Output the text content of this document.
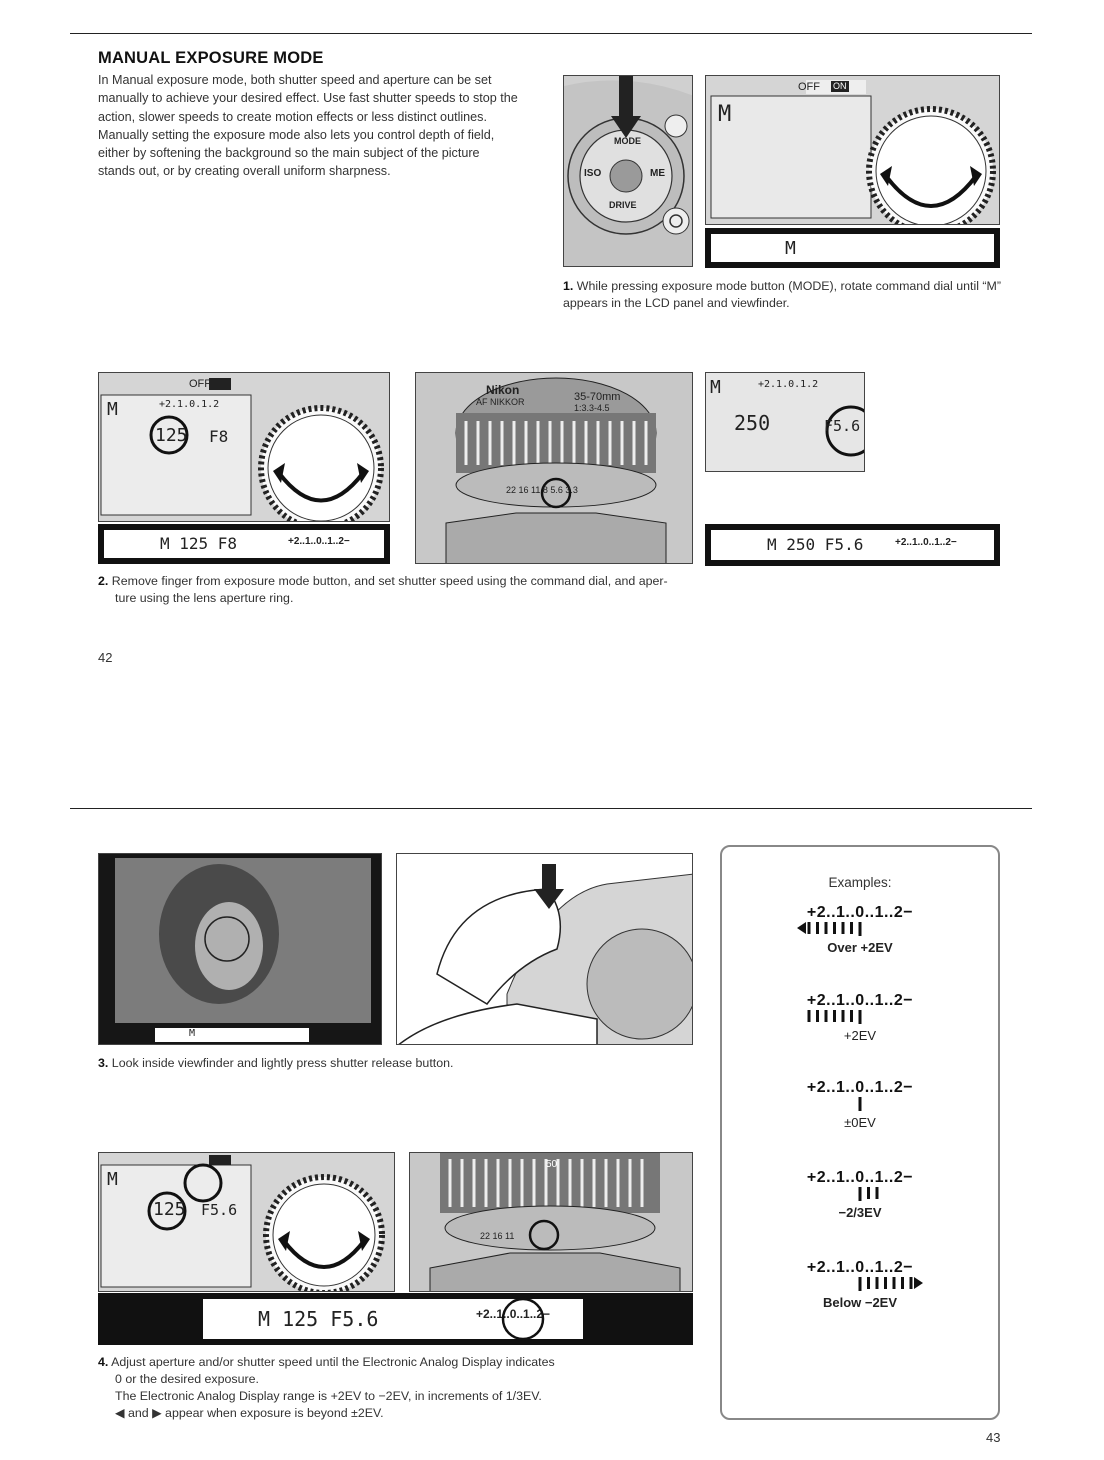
MANUAL EXPOSURE MODE
In Manual exposure mode, both shutter speed and aperture can be set manually to achieve your desired effect. Use fast shutter speeds to stop the action, slower speeds to create motion effects or less distinct outlines. Manually setting the exposure mode also lets you control depth of field, either by softening the background so the main subject of the picture stands out, or by creating overall uniform sharpness.
MODE
ISO	ME
DRIVE
OFF ON
M
M
1. While pressing exposure mode button (MODE), rotate command dial until “M” appears in the LCD panel and viewfinder.
OFF
M	+2.1.0.1.2
125 F8
M 125 F8	+2..1..0..1..2−
Nikon
AF NIKKOR	35-70mm
1:3.3-4.5
22 16 11 8 5.6 3.3
M	+2.1.0.1.2
250	F5.6
M 250 F5.6	+2..1..0..1..2−
2. Remove finger from exposure mode button, and set shutter speed using the command dial, and aper-
ture using the lens aperture ring.
42
M
3. Look inside viewfinder and lightly press shutter release button.
M
125 F5.6
50
22 16 11
M 125 F5.6	+2..1..0..1..2−
4. Adjust aperture and/or shutter speed until the Electronic Analog Display indicates
0 or the desired exposure.
The Electronic Analog Display range is +2EV to −2EV, in increments of 1/3EV.
◀ and ▶ appear when exposure is beyond ±2EV.
Examples:
+2..1..0..1..2−
Over +2EV
+2..1..0..1..2−
+2EV
+2..1..0..1..2−
±0EV
+2..1..0..1..2−
−2/3EV
+2..1..0..1..2−
Below −2EV
43
